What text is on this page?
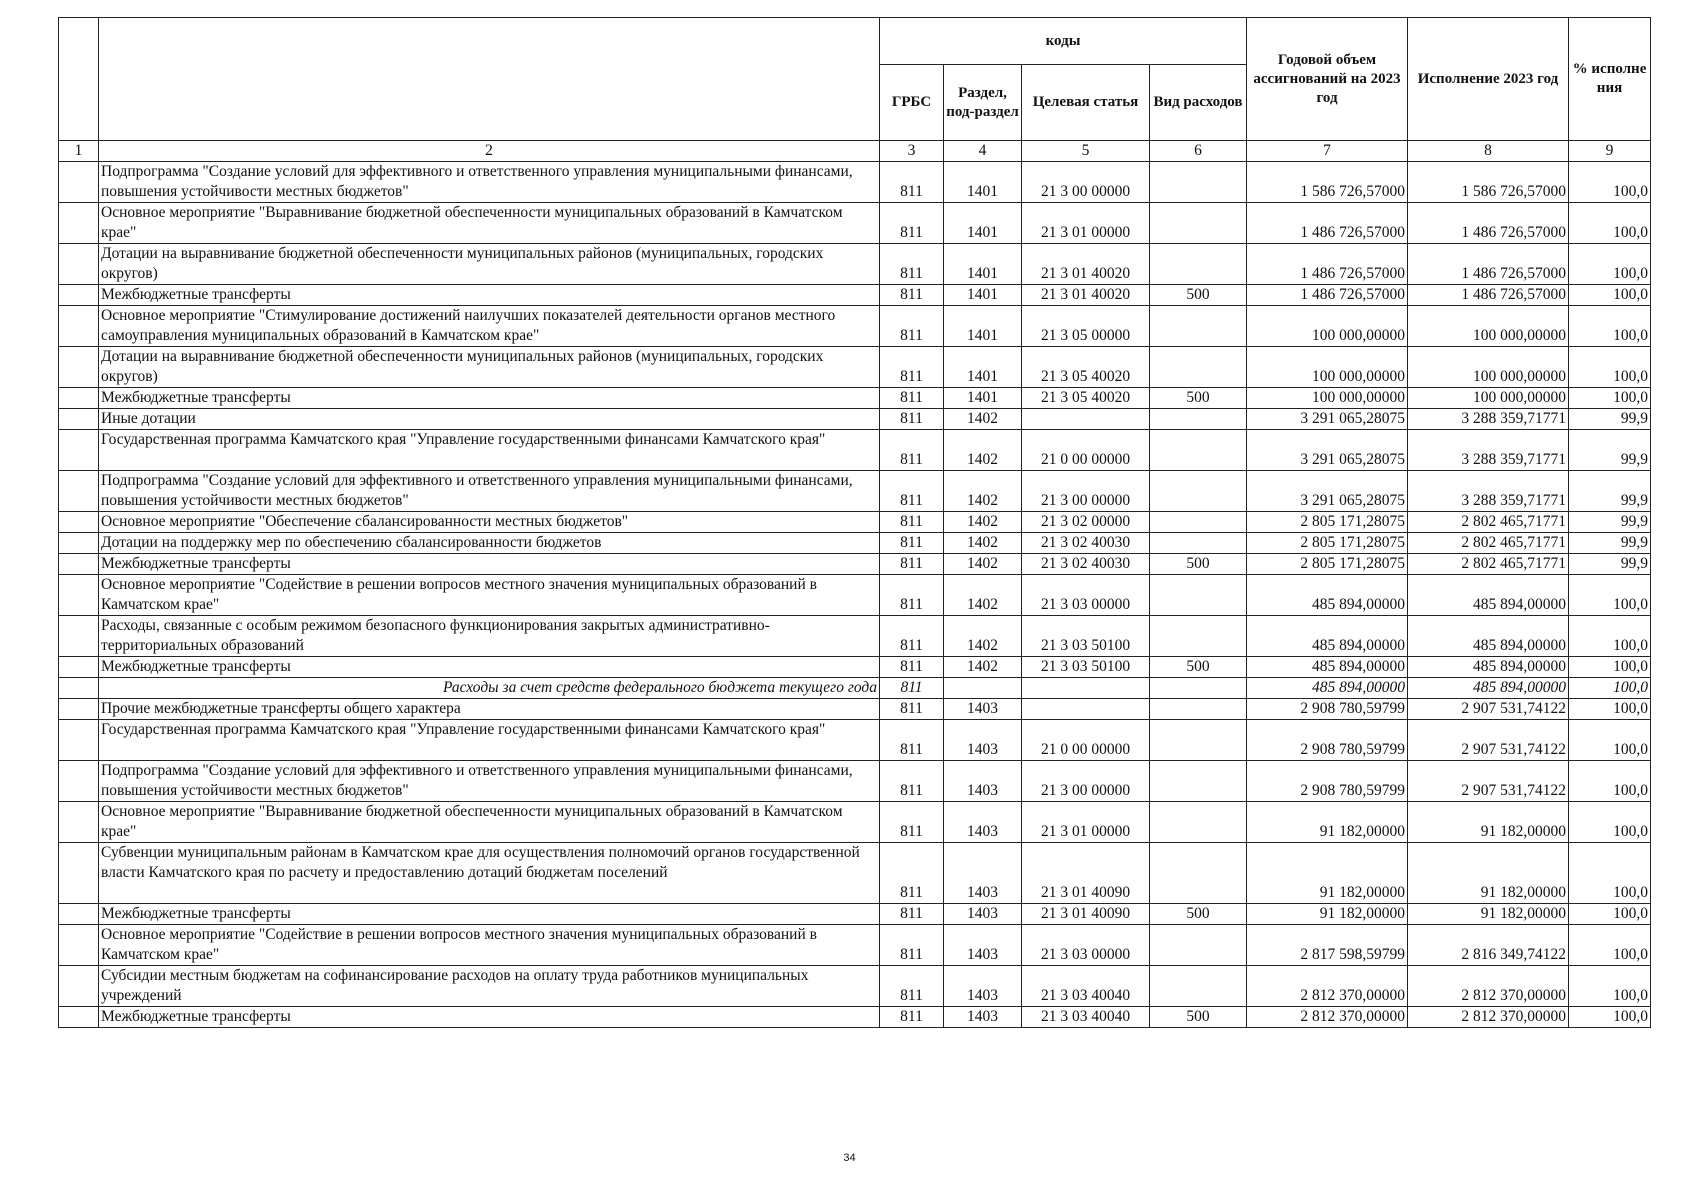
		коды				Годовой объем ассигнований на 2023 год	Исполнение 2023 год	% исполне ния
		ГРБС	Раздел, под-раздел	Целевая статья	Вид расходов			
1	2	3	4	5	6	7	8	9
	Подпрограмма "Создание условий для эффективного и ответственного управления муниципальными финансами, повышения устойчивости местных бюджетов"	811	1401	21 3 00 00000		1 586 726,57000	1 586 726,57000	100,0
	Основное мероприятие "Выравнивание бюджетной обеспеченности муниципальных образований в Камчатском крае"	811	1401	21 3 01 00000		1 486 726,57000	1 486 726,57000	100,0
	Дотации на выравнивание бюджетной обеспеченности муниципальных районов (муниципальных, городских округов)	811	1401	21 3 01 40020		1 486 726,57000	1 486 726,57000	100,0
	Межбюджетные трансферты	811	1401	21 3 01 40020	500	1 486 726,57000	1 486 726,57000	100,0
	Основное мероприятие "Стимулирование достижений наилучших показателей деятельности органов местного самоуправления муниципальных образований в Камчатском крае"	811	1401	21 3 05 00000		100 000,00000	100 000,00000	100,0
	Дотации на выравнивание бюджетной обеспеченности муниципальных районов (муниципальных, городских округов)	811	1401	21 3 05 40020		100 000,00000	100 000,00000	100,0
	Межбюджетные трансферты	811	1401	21 3 05 40020	500	100 000,00000	100 000,00000	100,0
	Иные дотации	811	1402			3 291 065,28075	3 288 359,71771	99,9
	Государственная программа Камчатского края "Управление государственными финансами Камчатского края"	811	1402	21 0 00 00000		3 291 065,28075	3 288 359,71771	99,9
	Подпрограмма "Создание условий для эффективного и ответственного управления муниципальными финансами, повышения устойчивости местных бюджетов"	811	1402	21 3 00 00000		3 291 065,28075	3 288 359,71771	99,9
	Основное мероприятие "Обеспечение сбалансированности местных бюджетов"	811	1402	21 3 02 00000		2 805 171,28075	2 802 465,71771	99,9
	Дотации на поддержку мер по обеспечению сбалансированности бюджетов	811	1402	21 3 02 40030		2 805 171,28075	2 802 465,71771	99,9
	Межбюджетные трансферты	811	1402	21 3 02 40030	500	2 805 171,28075	2 802 465,71771	99,9
	Основное мероприятие "Содействие в решении вопросов местного значения муниципальных образований в Камчатском крае"	811	1402	21 3 03 00000		485 894,00000	485 894,00000	100,0
	Расходы, связанные с особым режимом безопасного функционирования закрытых административно-территориальных образований	811	1402	21 3 03 50100		485 894,00000	485 894,00000	100,0
	Межбюджетные трансферты	811	1402	21 3 03 50100	500	485 894,00000	485 894,00000	100,0
	Расходы за счет средств федерального бюджета текущего года	811				485 894,00000	485 894,00000	100,0
	Прочие межбюджетные трансферты общего характера	811	1403			2 908 780,59799	2 907 531,74122	100,0
	Государственная программа Камчатского края "Управление государственными финансами Камчатского края"	811	1403	21 0 00 00000		2 908 780,59799	2 907 531,74122	100,0
	Подпрограмма "Создание условий для эффективного и ответственного управления муниципальными финансами, повышения устойчивости местных бюджетов"	811	1403	21 3 00 00000		2 908 780,59799	2 907 531,74122	100,0
	Основное мероприятие "Выравнивание бюджетной обеспеченности муниципальных образований в Камчатском крае"	811	1403	21 3 01 00000		91 182,00000	91 182,00000	100,0
	Субвенции муниципальным районам в Камчатском крае для осуществления полномочий органов государственной власти Камчатского края по расчету и предоставлению дотаций бюджетам поселений	811	1403	21 3 01 40090		91 182,00000	91 182,00000	100,0
	Межбюджетные трансферты	811	1403	21 3 01 40090	500	91 182,00000	91 182,00000	100,0
	Основное мероприятие "Содействие в решении вопросов местного значения муниципальных образований в Камчатском крае"	811	1403	21 3 03 00000		2 817 598,59799	2 816 349,74122	100,0
	Субсидии местным бюджетам на софинансирование расходов на оплату труда работников муниципальных учреждений	811	1403	21 3 03 40040		2 812 370,00000	2 812 370,00000	100,0
	Межбюджетные трансферты	811	1403	21 3 03 40040	500	2 812 370,00000	2 812 370,00000	100,0
34
